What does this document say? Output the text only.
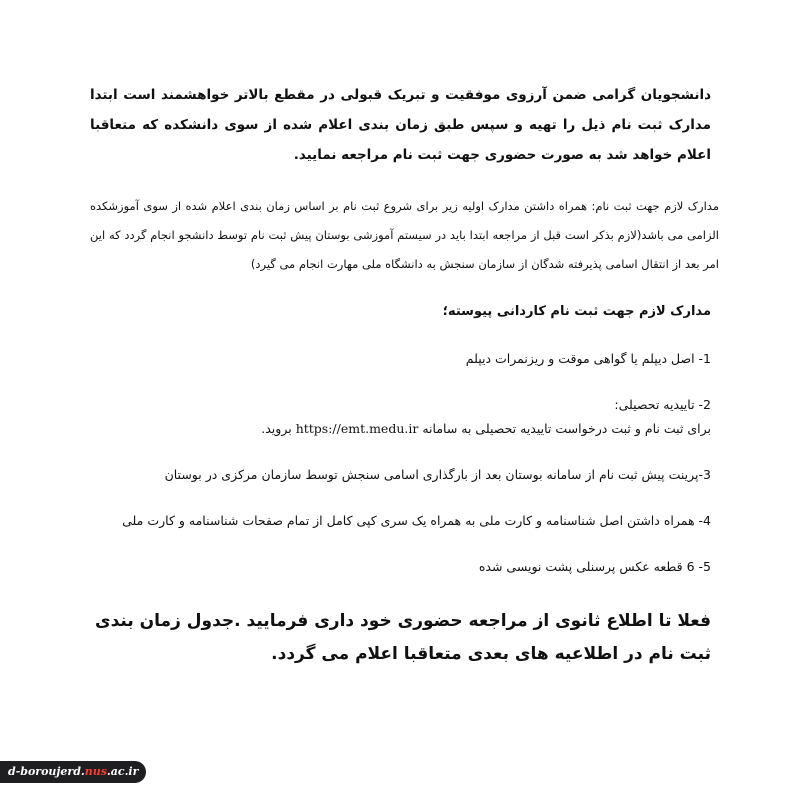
دانشجویان گرامی ضمن آرزوی موفقیت و تبریک قبولی در مقطع بالاتر خواهشمند است ابتدا مدارک ثبت نام ذیل را تهیه و سپس طبق زمان بندی اعلام شده از سوی دانشکده که متعاقبا اعلام خواهد شد به صورت حضوری جهت ثبت نام مراجعه نمایید.

مدارک لازم جهت ثبت نام: همراه داشتن مدارک اولیه زیر برای شروع ثبت نام بر اساس زمان بندی اعلام شده از سوی آموزشکده الزامی می باشد(لازم بذکر است قبل از مراجعه ابتدا باید در سیستم آموزشی بوستان پیش ثبت نام توسط دانشجو انجام گردد که این امر بعد از انتقال اسامی پذیرفته شدگان از سازمان سنجش به دانشگاه ملی مهارت انجام می گیرد)

مدارک لازم جهت ثبت نام کاردانی پیوسته؛

1- اصل دیپلم یا گواهی موقت و ریزنمرات دیپلم

2- تاییدیه تحصیلی:

برای ثبت نام و ثبت درخواست تاییدیه تحصیلی به سامانه https://emt.medu.ir بروید.

3-پرینت پیش ثبت نام از سامانه بوستان بعد از بارگذاری اسامی سنجش توسط سازمان مرکزی در بوستان

4- همراه داشتن اصل شناسنامه و کارت ملی به همراه یک سری کپی کامل از تمام صفحات شناسنامه و کارت ملی

5- 6 قطعه عکس پرسنلی پشت نویسی شده

فعلا تا اطلاع ثانوی از مراجعه حضوری خود داری فرمایید .جدول زمان بندی ثبت نام در اطلاعیه های بعدی متعاقبا اعلام می گردد.

d-boroujerd.nus.ac.ir
